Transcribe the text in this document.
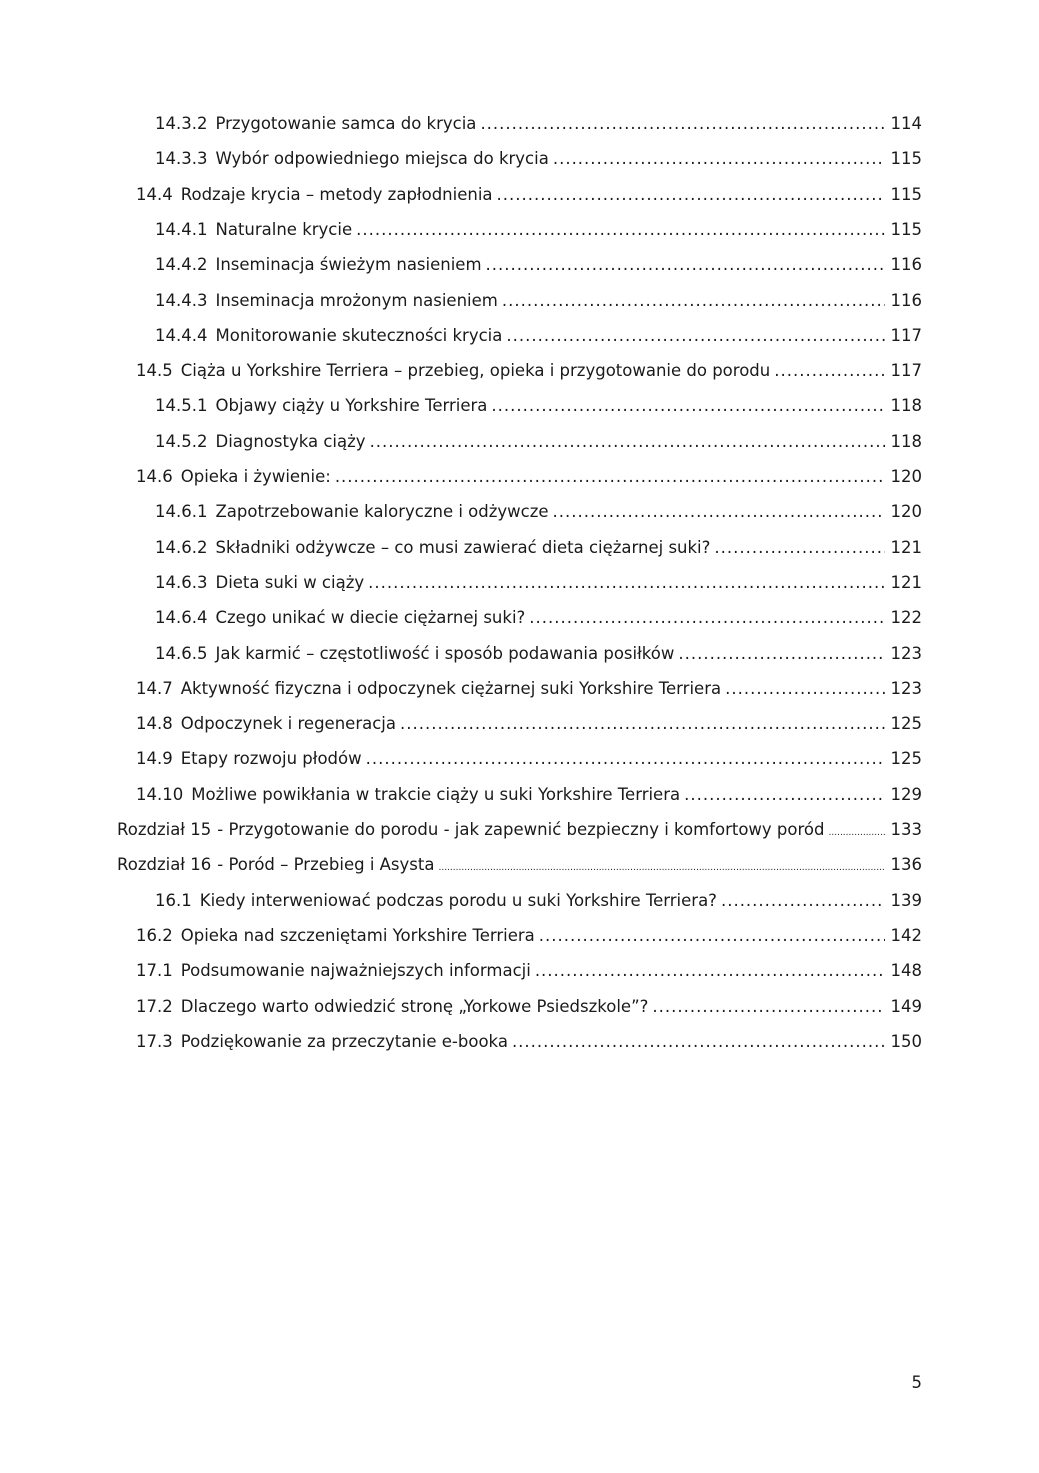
14.3.2 Przygotowanie samca do krycia .....	114
14.3.3 Wybór odpowiedniego miejsca do krycia .....	115
14.4 Rodzaje krycia – metody zapłodnienia .....	115
14.4.1 Naturalne krycie .....	115
14.4.2 Inseminacja świeżym nasieniem .....	116
14.4.3 Inseminacja mrożonym nasieniem .....	116
14.4.4 Monitorowanie skuteczności krycia .....	117
14.5 Ciąża u Yorkshire Terriera – przebieg, opieka i przygotowanie do porodu .....	117
14.5.1 Objawy ciąży u Yorkshire Terriera .....	118
14.5.2 Diagnostyka ciąży .....	118
14.6 Opieka i żywienie: .....	120
14.6.1 Zapotrzebowanie kaloryczne i odżywcze .....	120
14.6.2 Składniki odżywcze – co musi zawierać dieta ciężarnej suki? .....	121
14.6.3 Dieta suki w ciąży .....	121
14.6.4 Czego unikać w diecie ciężarnej suki? .....	122
14.6.5 Jak karmić – częstotliwość i sposób podawania posiłków .....	123
14.7 Aktywność fizyczna i odpoczynek ciężarnej suki Yorkshire Terriera .....	123
14.8 Odpoczynek i regeneracja .....	125
14.9 Etapy rozwoju płodów .....	125
14.10 Możliwe powikłania w trakcie ciąży u suki Yorkshire Terriera .....	129
Rozdział 15 - Przygotowanie do porodu - jak zapewnić bezpieczny i komfortowy poród .....	133
Rozdział 16 - Poród – Przebieg i Asysta .....	136
16.1 Kiedy interweniować podczas porodu u suki Yorkshire Terriera? .....	139
16.2 Opieka nad szczeniętami Yorkshire Terriera .....	142
17.1 Podsumowanie najważniejszych informacji .....	148
17.2 Dlaczego warto odwiedzić stronę „Yorkowe Psiedszkole”? .....	149
17.3 Podziękowanie za przeczytanie e-booka .....	150
5
